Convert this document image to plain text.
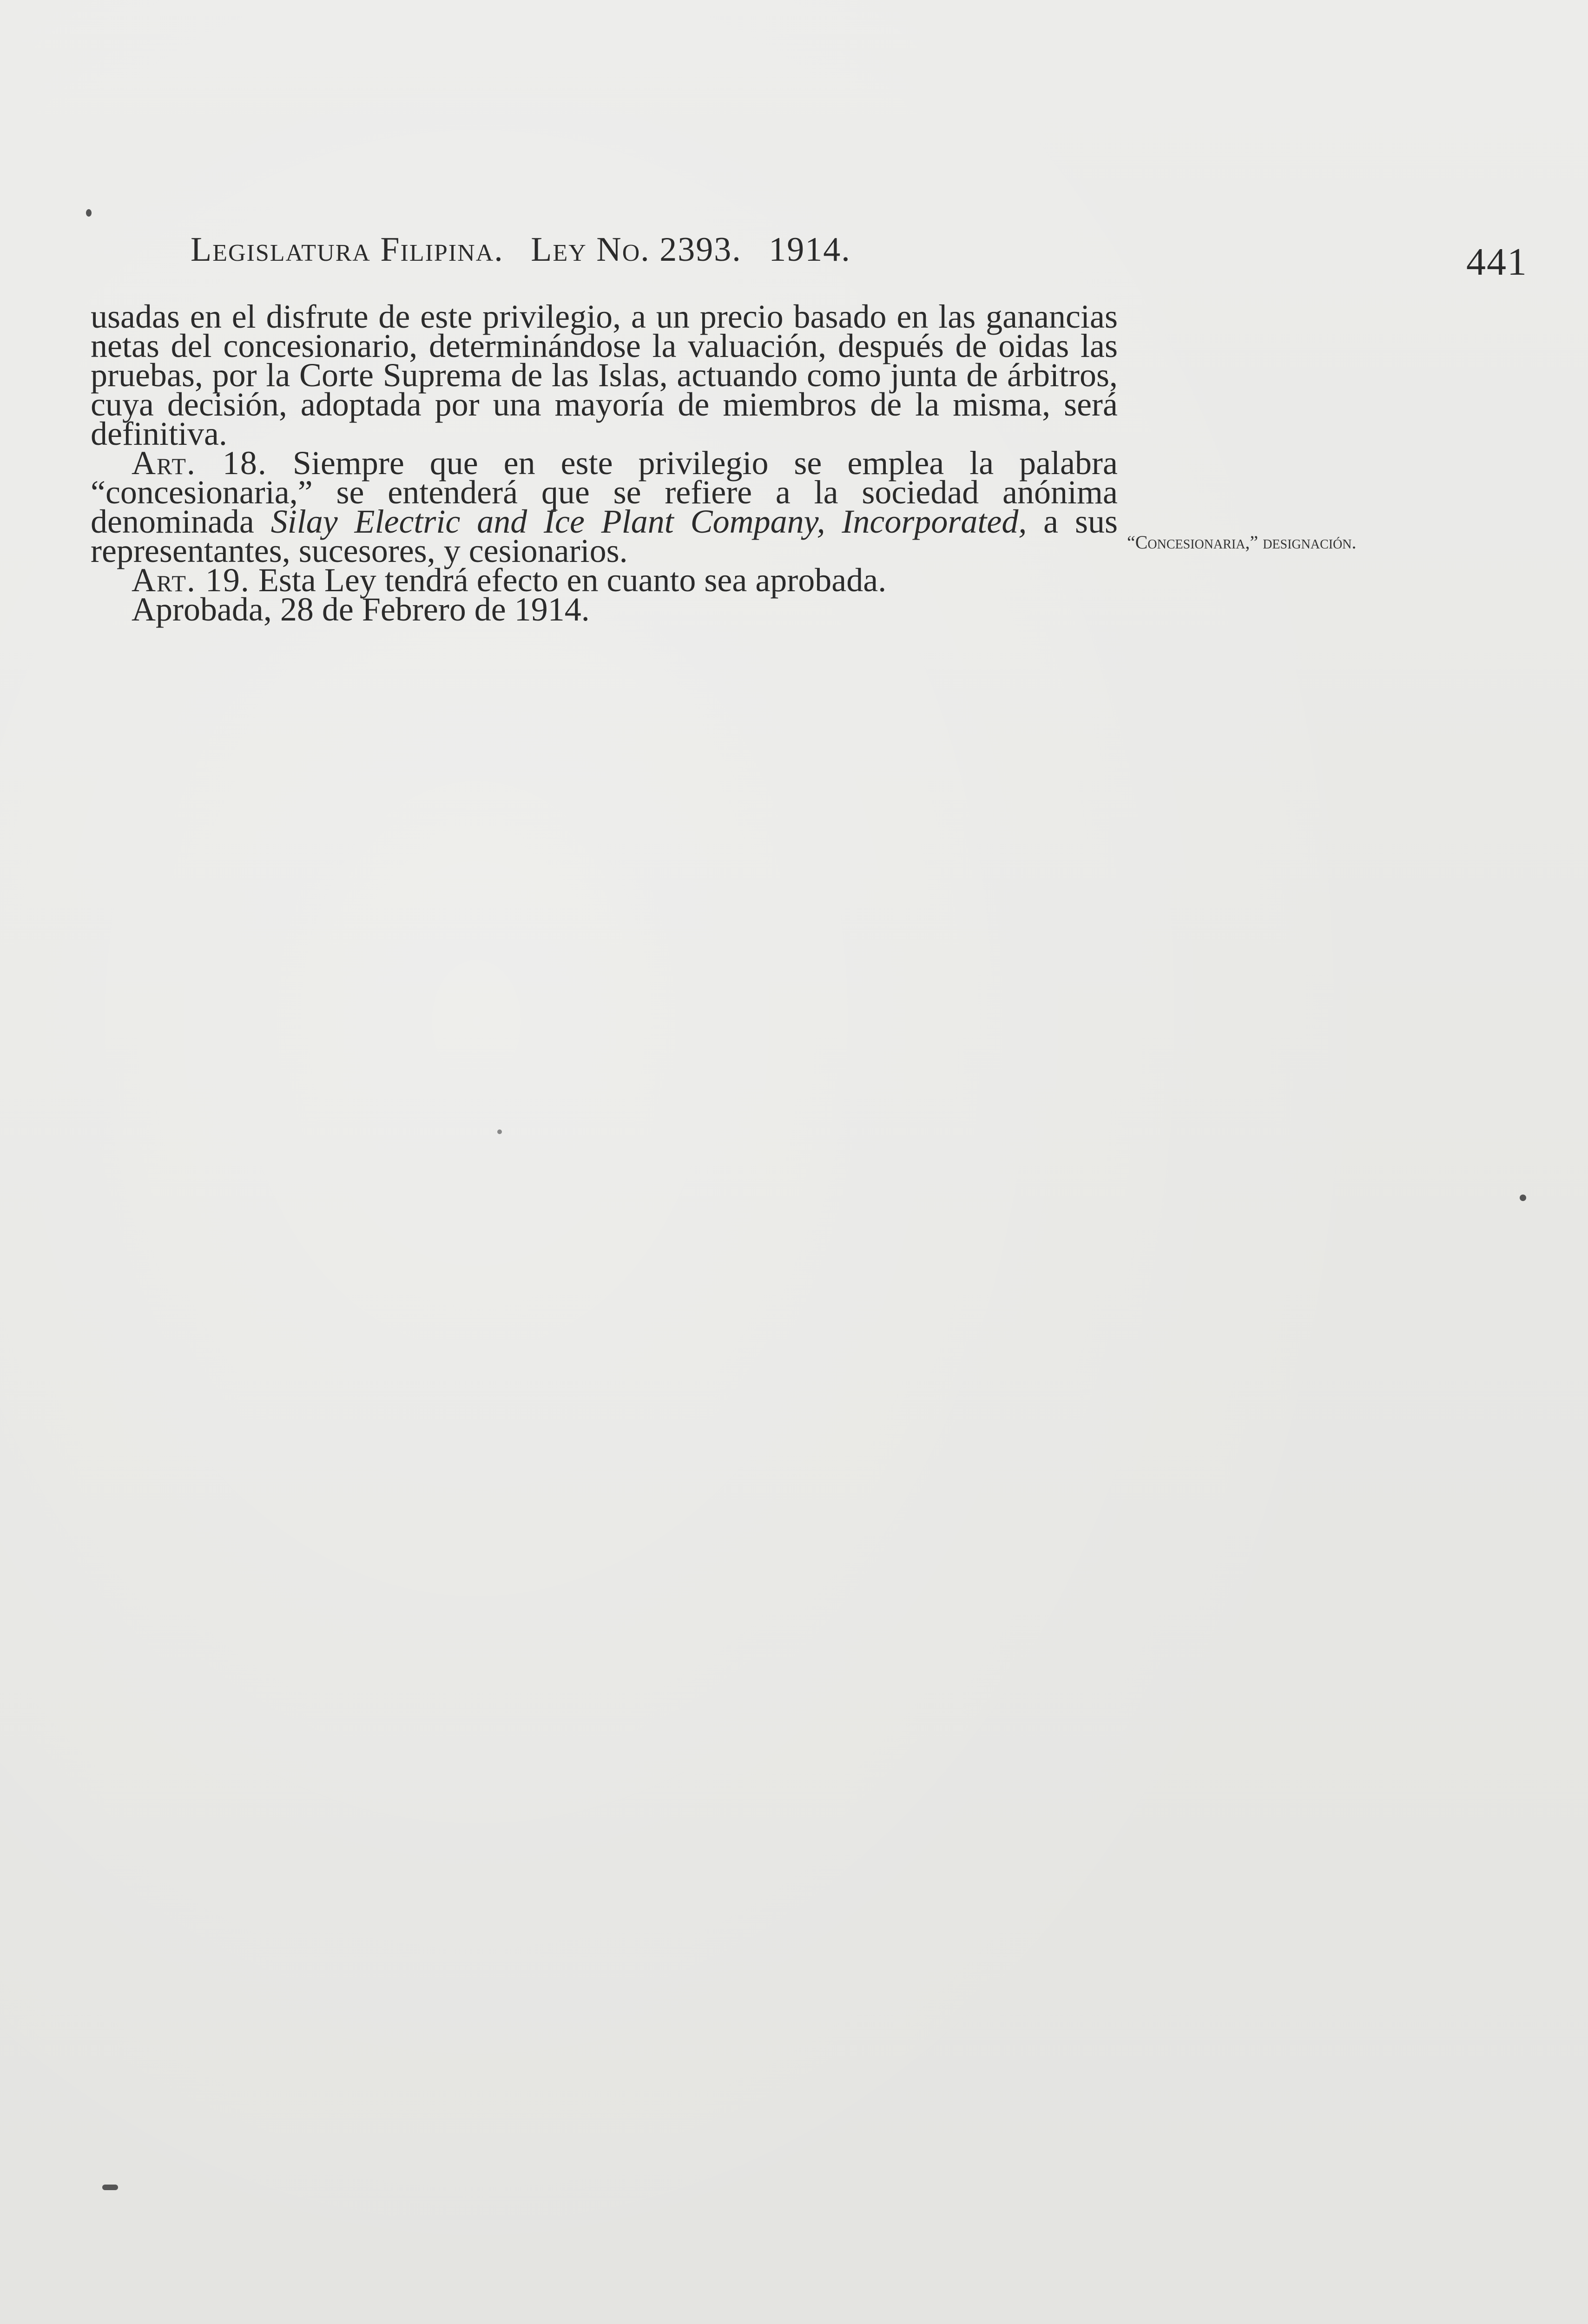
Legislatura Filipina. Ley No. 2393. 1914.	441

usadas en el disfrute de este privilegio, a un precio basado en las ganancias netas del concesionario, determinándose la valuación, después de oidas las pruebas, por la Corte Suprema de las Islas, actuando como junta de árbitros, cuya decisión, adoptada por una mayoría de miembros de la misma, será definitiva.

Art. 18. Siempre que en este privilegio se emplea la palabra “concesionaria,” se entenderá que se refiere a la sociedad anónima denominada Silay Electric and Ice Plant Company, Incorporated, a sus representantes, sucesores, y cesionarios.

Art. 19. Esta Ley tendrá efecto en cuanto sea aprobada.

Aprobada, 28 de Febrero de 1914.

“Concesionaria,” designación.
